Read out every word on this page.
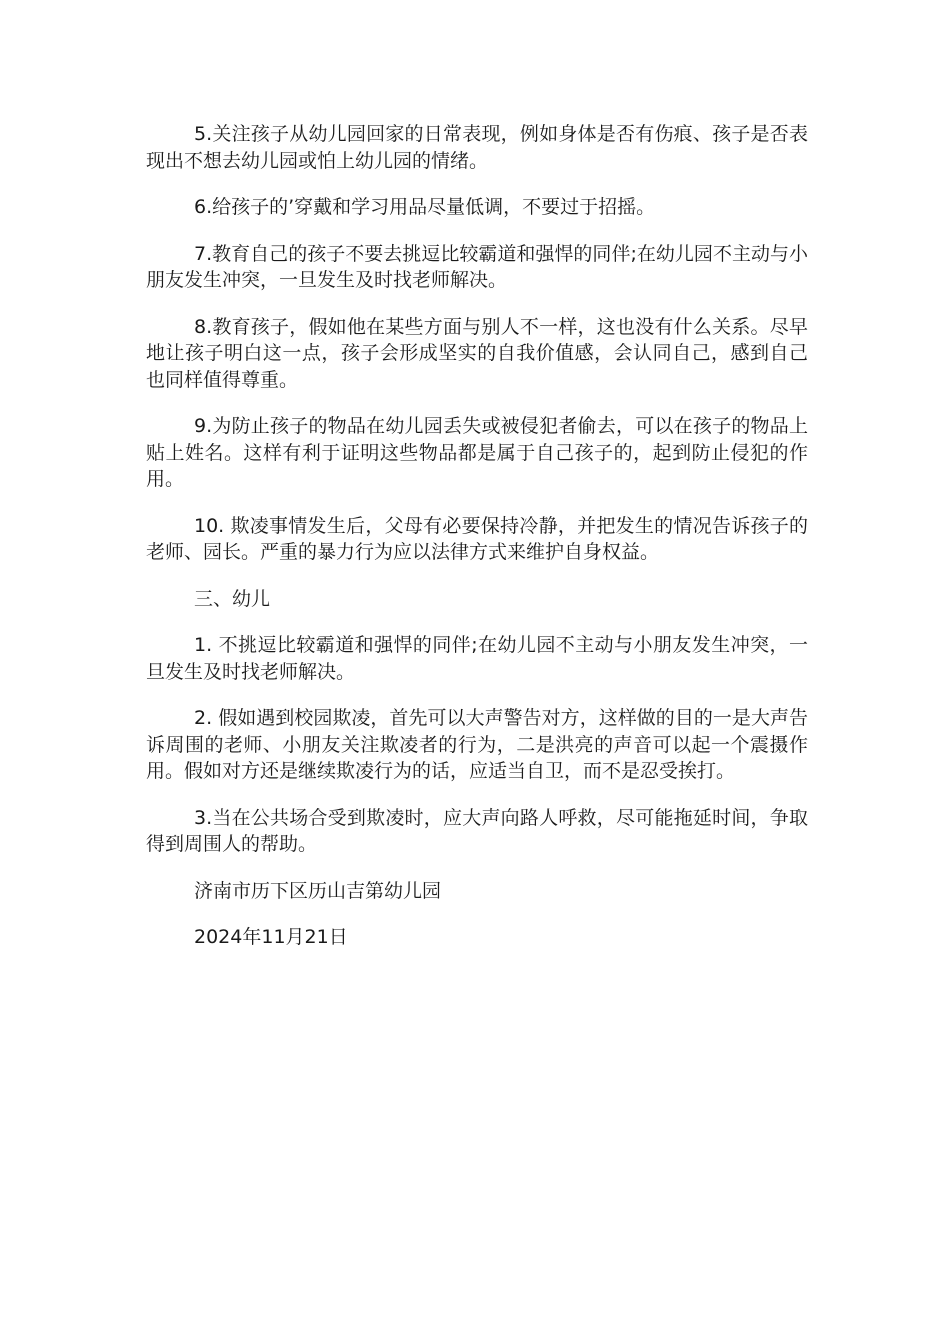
5.关注孩子从幼儿园回家的日常表现，例如身体是否有伤痕、孩子是否表现出不想去幼儿园或怕上幼儿园的情绪。

6.给孩子的’穿戴和学习用品尽量低调，不要过于招摇。

7.教育自己的孩子不要去挑逗比较霸道和强悍的同伴;在幼儿园不主动与小朋友发生冲突，一旦发生及时找老师解决。

8.教育孩子，假如他在某些方面与别人不一样，这也没有什么关系。尽早地让孩子明白这一点，孩子会形成坚实的自我价值感，会认同自己，感到自己也同样值得尊重。

9.为防止孩子的物品在幼儿园丢失或被侵犯者偷去，可以在孩子的物品上贴上姓名。这样有利于证明这些物品都是属于自己孩子的，起到防止侵犯的作用。

10. 欺凌事情发生后，父母有必要保持冷静，并把发生的情况告诉孩子的老师、园长。严重的暴力行为应以法律方式来维护自身权益。

三、幼儿

1. 不挑逗比较霸道和强悍的同伴;在幼儿园不主动与小朋友发生冲突，一旦发生及时找老师解决。

2. 假如遇到校园欺凌，首先可以大声警告对方，这样做的目的一是大声告诉周围的老师、小朋友关注欺凌者的行为，二是洪亮的声音可以起一个震摄作用。假如对方还是继续欺凌行为的话，应适当自卫，而不是忍受挨打。

3.当在公共场合受到欺凌时，应大声向路人呼救，尽可能拖延时间，争取得到周围人的帮助。

济南市历下区历山吉第幼儿园

2024年11月21日
